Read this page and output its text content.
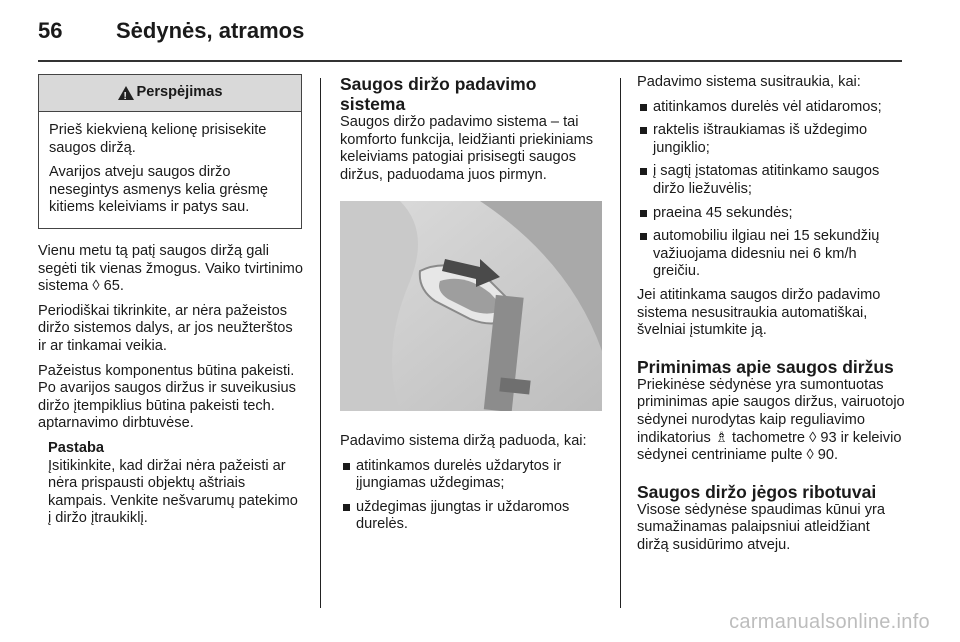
56 Sėdynės, atramos
!
Perspėjimas

Prieš kiekvieną kelionę prisisekite saugos diržą.

Avarijos atveju saugos diržo nesegintys asmenys kelia grėsmę kitiems keleiviams ir patys sau.

Vienu metu tą patį saugos diržą gali segėti tik vienas žmogus. Vaiko tvirtinimo sistema ◊ 65.

Periodiškai tikrinkite, ar nėra pažeistos diržo sistemos dalys, ar jos neužterštos ir ar tinkamai veikia.

Pažeistus komponentus būtina pakeisti. Po avarijos saugos diržus ir suveikusius diržo įtempiklius būtina pakeisti tech. aptarnavimo dirbtuvėse.

Pastaba
Įsitikinkite, kad diržai nėra pažeisti ar nėra prispausti objektų aštriais kampais. Venkite nešvarumų patekimo į diržo įtraukiklį.
Saugos diržo padavimo sistema

Saugos diržo padavimo sistema – tai komforto funkcija, leidžianti priekiniams keleiviams patogiai prisisegti saugos diržus, paduodama juos pirmyn.

Padavimo sistema diržą paduoda, kai:

atitinkamos durelės uždarytos ir įjungiamas uždegimas;
uždegimas įjungtas ir uždaromos durelės.

Padavimo sistema susitraukia, kai:

atitinkamos durelės vėl atidaromos;
raktelis ištraukiamas iš uždegimo jungiklio;
į sagtį įstatomas atitinkamo saugos diržo liežuvėlis;
praeina 45 sekundės;
automobiliu ilgiau nei 15 sekundžių važiuojama didesniu nei 6 km/h greičiu.

Jei atitinkama saugos diržo padavimo sistema nesusitraukia automatiškai, švelniai įstumkite ją.

Priminimas apie saugos diržus

Priekinėse sėdynėse yra sumontuotas priminimas apie saugos diržus, vairuotojo sėdynei nurodytas kaip reguliavimo indikatorius ♗ tachometre ◊ 93 ir keleivio sėdynei centriniame pulte ◊ 90.

Saugos diržo jėgos ribotuvai

Visose sėdynėse spaudimas kūnui yra sumažinamas palaipsniui atleidžiant diržą susidūrimo atveju.

carmanualsonline.info
